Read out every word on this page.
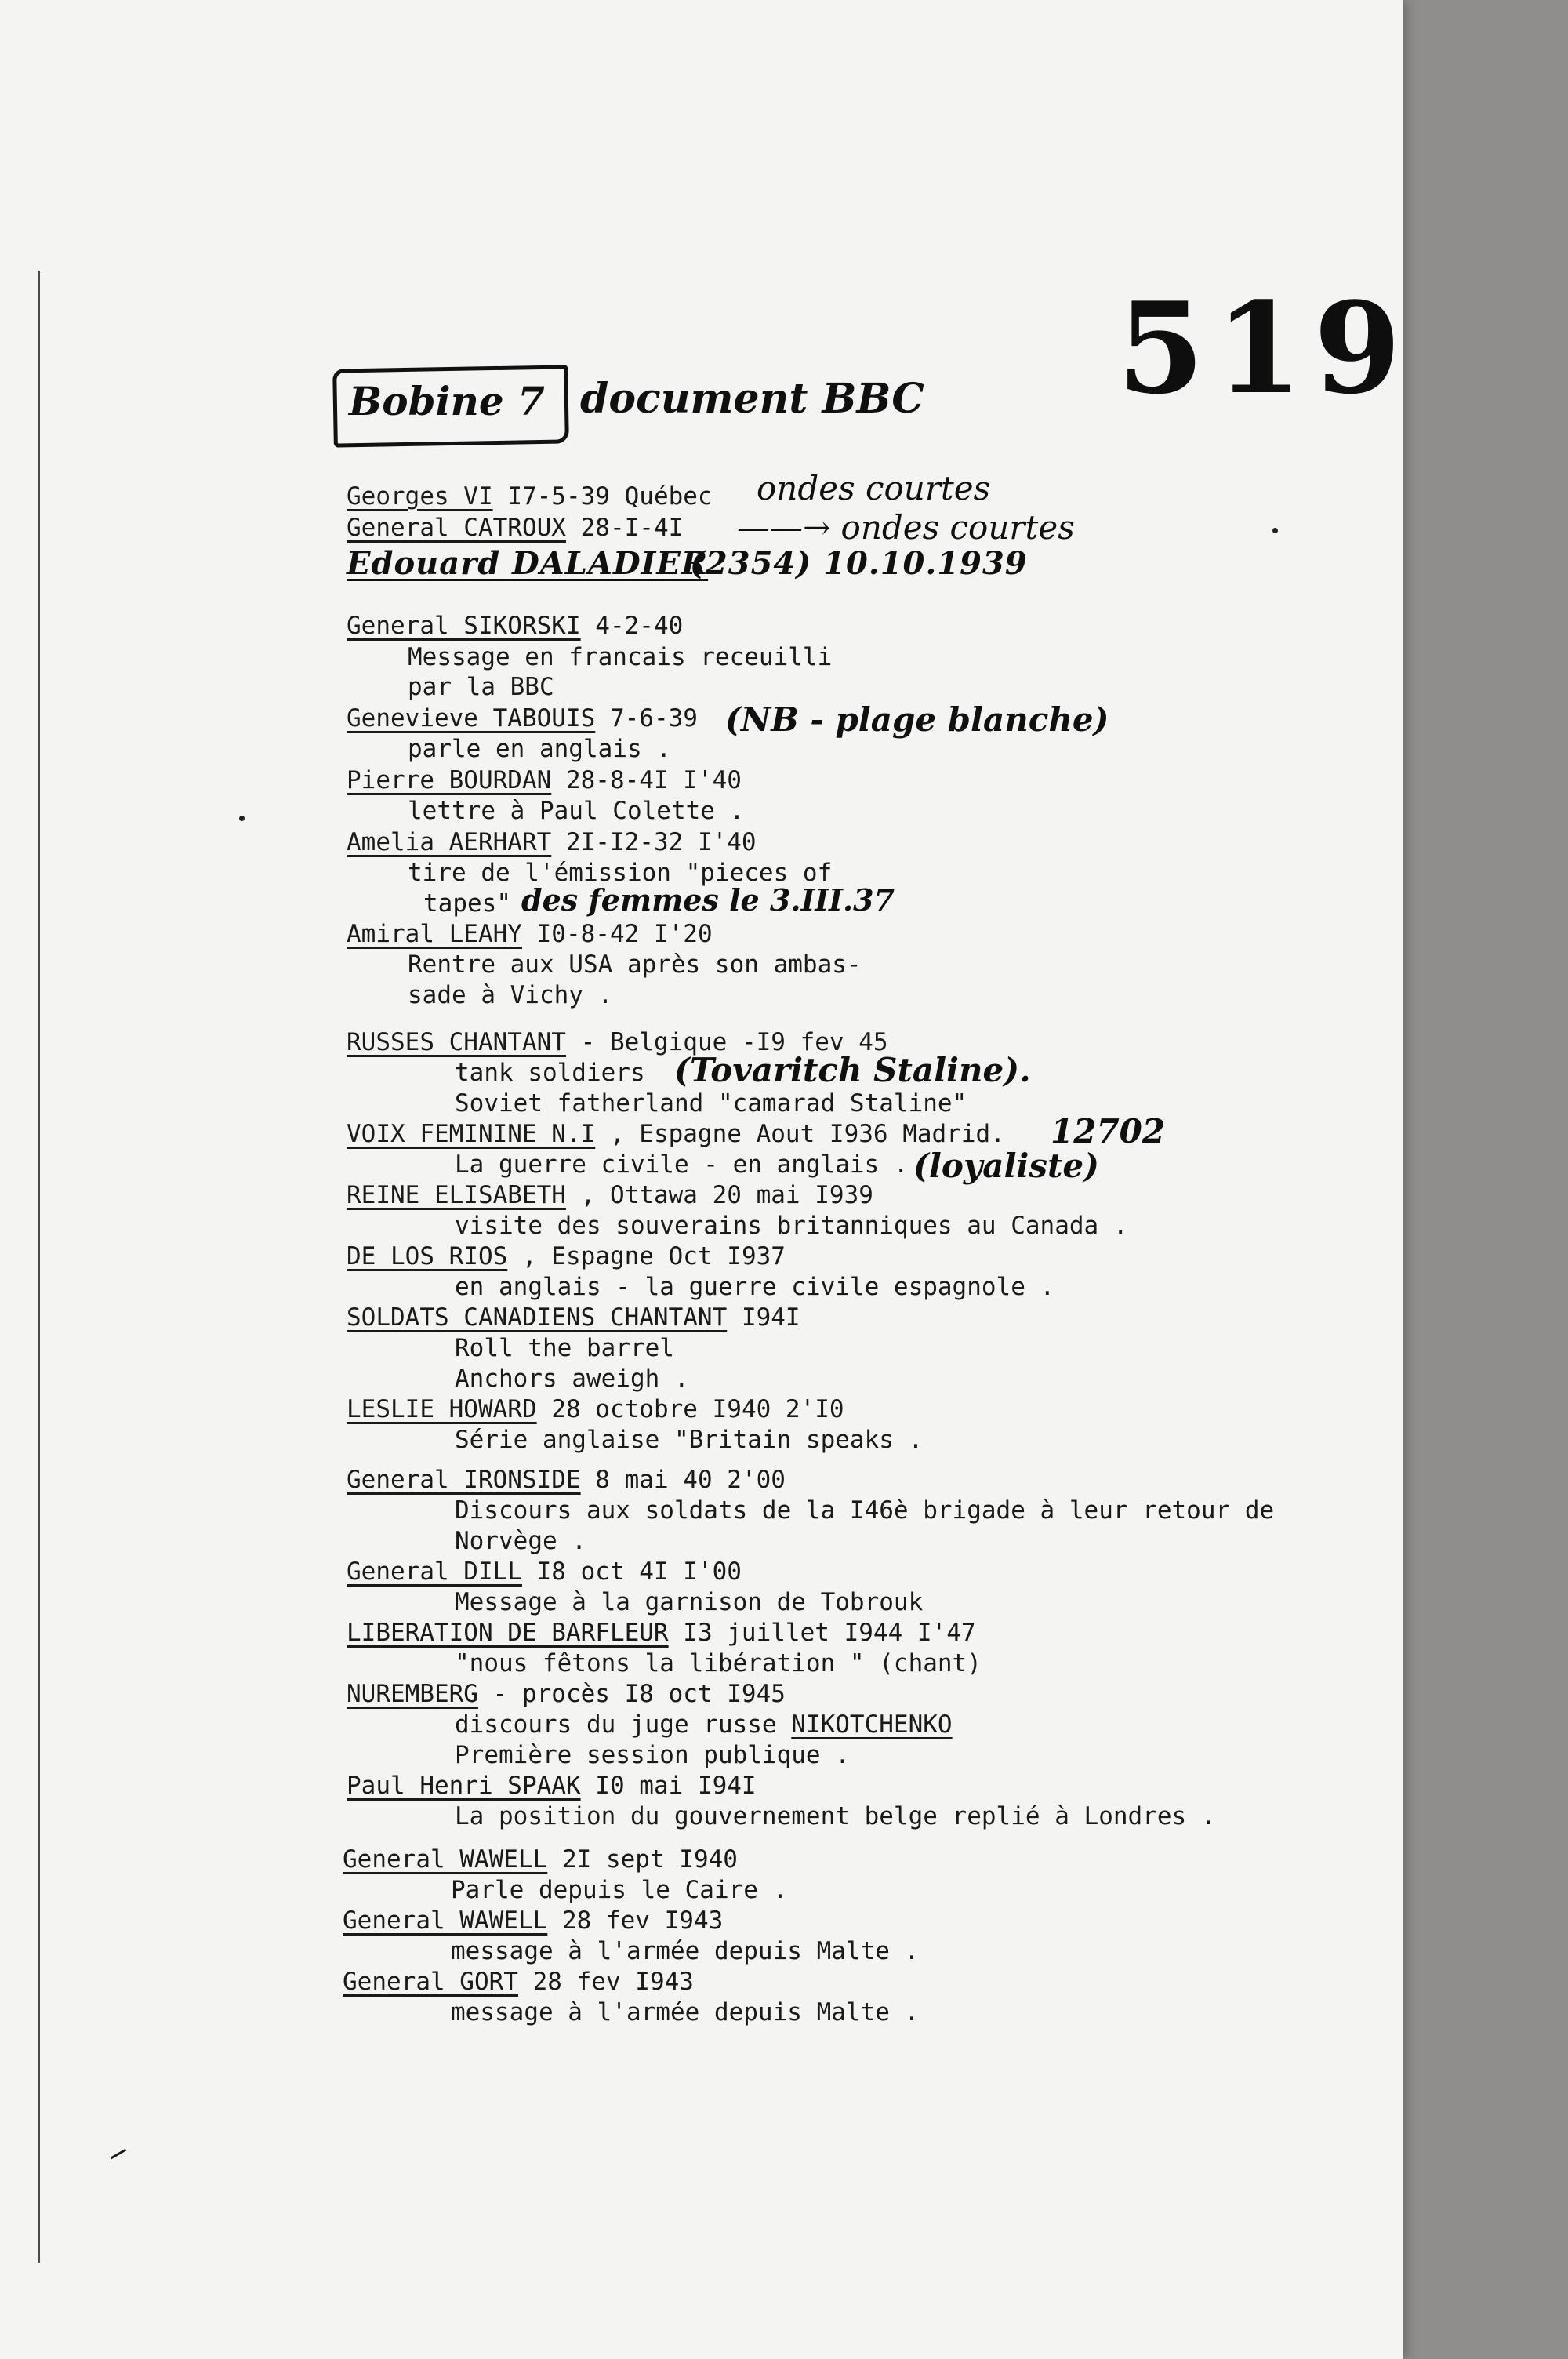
519
Bobine 7 document BBC
Georges VI I7-5-39 Québec ondes courtes
General CATROUX 28-I-4I ——→ ondes courtes
Edouard DALADIER
(2354) 10.10.1939
General SIKORSKI 4-2-40
Message en francais receuilli
par la BBC
Genevieve TABOUIS 7-6-39 (NB - plage blanche)
parle en anglais .
Pierre BOURDAN 28-8-4I I'40
lettre à Paul Colette .
Amelia AERHART 2I-I2-32 I'40
tire de l'émission "pieces of
tapes" des femmes le 3.III.37
Amiral LEAHY I0-8-42 I'20
Rentre aux USA après son ambas-
sade à Vichy .
RUSSES CHANTANT - Belgique -I9 fev 45
tank soldiers (Tovaritch Staline).
Soviet fatherland "camarad Staline"
VOIX FEMININE N.I , Espagne Aout I936 Madrid. 12702
La guerre civile - en anglais . (loyaliste)
REINE ELISABETH , Ottawa 20 mai I939
visite des souverains britanniques au Canada .
DE LOS RIOS , Espagne Oct I937
en anglais - la guerre civile espagnole .
SOLDATS CANADIENS CHANTANT I94I
Roll the barrel
Anchors aweigh .
LESLIE HOWARD 28 octobre I940 2'I0
Série anglaise "Britain speaks .
General IRONSIDE 8 mai 40 2'00
Discours aux soldats de la I46è brigade à leur retour de
Norvège .
General DILL I8 oct 4I I'00
Message à la garnison de Tobrouk
LIBERATION DE BARFLEUR I3 juillet I944 I'47
"nous fêtons la libération " (chant)
NUREMBERG - procès I8 oct I945
discours du juge russe NIKOTCHENKO
Première session publique .
Paul Henri SPAAK I0 mai I94I
La position du gouvernement belge replié à Londres .
General WAWELL 2I sept I940
Parle depuis le Caire .
General WAWELL 28 fev I943
message à l'armée depuis Malte .
General GORT 28 fev I943
message à l'armée depuis Malte .
